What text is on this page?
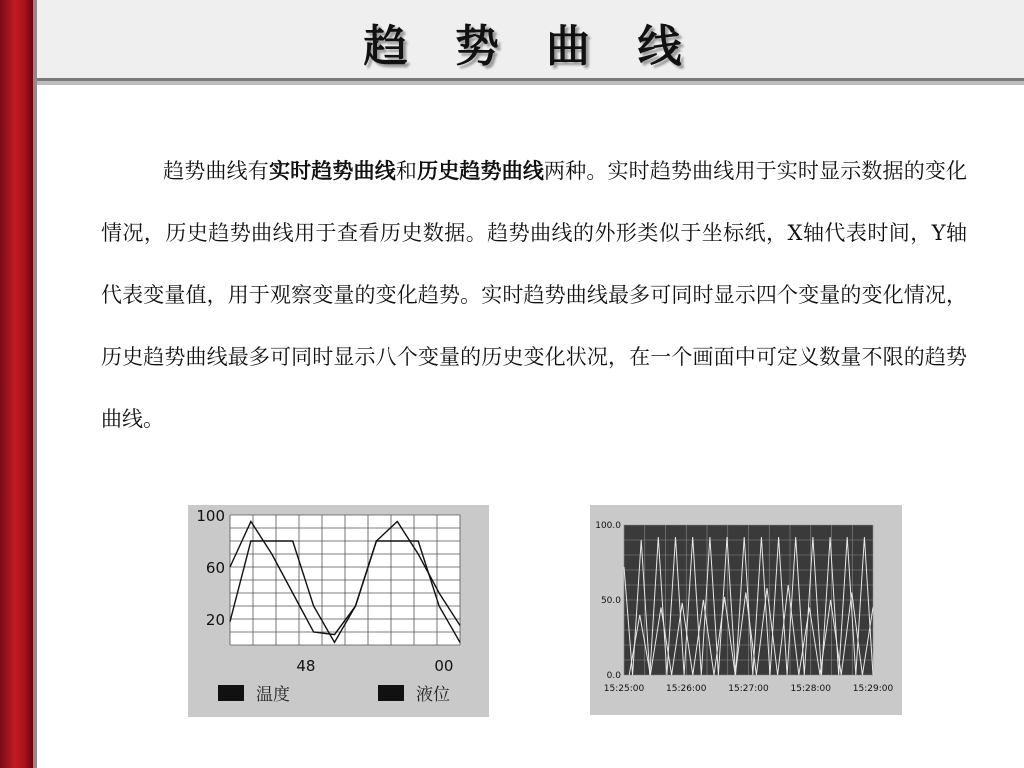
趋 势 曲 线
趋势曲线有实时趋势曲线和历史趋势曲线两种。实时趋势曲线用于实时显示数据的变化情况，历史趋势曲线用于查看历史数据。趋势曲线的外形类似于坐标纸，X轴代表时间，Y轴代表变量值，用于观察变量的变化趋势。实时趋势曲线最多可同时显示四个变量的变化情况，历史趋势曲线最多可同时显示八个变量的历史变化状况，在一个画面中可定义数量不限的趋势曲线。
100
60
20
48	00
温度	液位
100.0
50.0
0.0
15:25:00 15:26:00 15:27:00 15:28:00 15:29:00
